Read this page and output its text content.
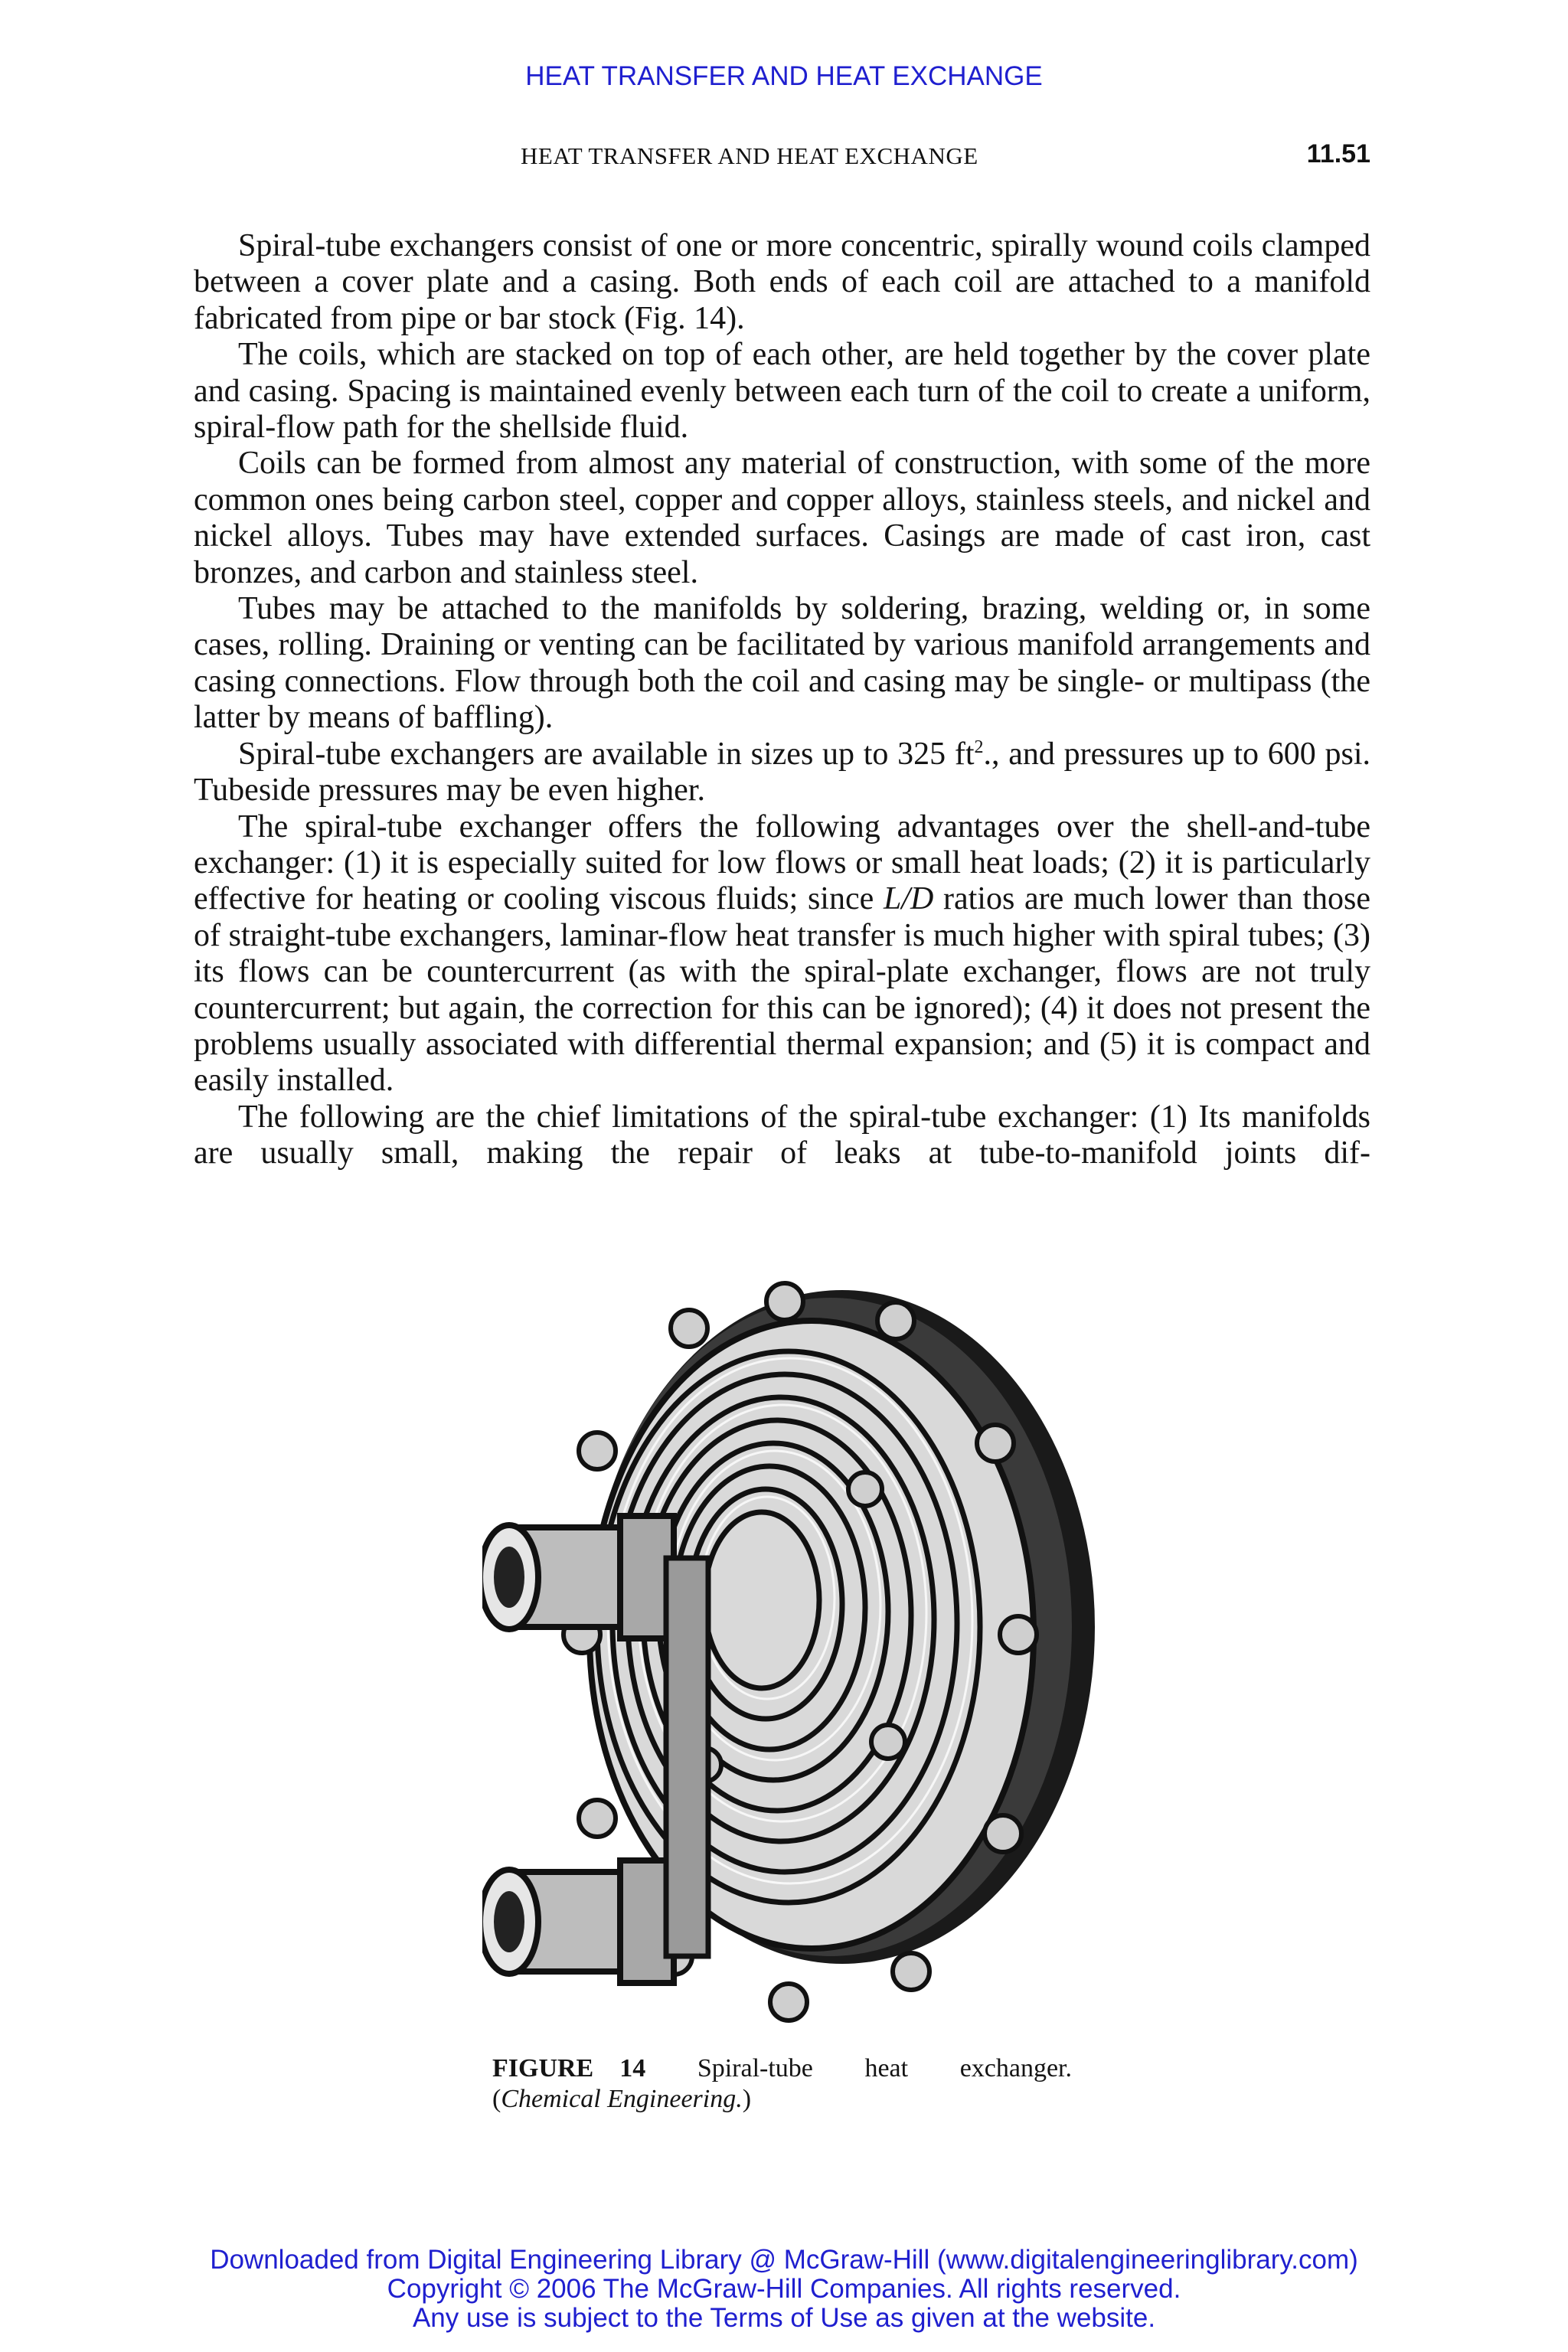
HEAT TRANSFER AND HEAT EXCHANGE
HEAT TRANSFER AND HEAT EXCHANGE	11.51

Spiral-tube exchangers consist of one or more concentric, spirally wound coils clamped between a cover plate and a casing. Both ends of each coil are attached to a manifold fabricated from pipe or bar stock (Fig. 14).

The coils, which are stacked on top of each other, are held together by the cover plate and casing. Spacing is maintained evenly between each turn of the coil to create a uniform, spiral-flow path for the shellside fluid.

Coils can be formed from almost any material of construction, with some of the more common ones being carbon steel, copper and copper alloys, stainless steels, and nickel and nickel alloys. Tubes may have extended surfaces. Casings are made of cast iron, cast bronzes, and carbon and stainless steel.

Tubes may be attached to the manifolds by soldering, brazing, welding or, in some cases, rolling. Draining or venting can be facilitated by various manifold arrangements and casing connections. Flow through both the coil and casing may be single- or multipass (the latter by means of baffling).

Spiral-tube exchangers are available in sizes up to 325 $ft^2$., and pressures up to 600 psi. Tubeside pressures may be even higher.

The spiral-tube exchanger offers the following advantages over the shell-and-tube exchanger: (1) it is especially suited for low flows or small heat loads; (2) it is particularly effective for heating or cooling viscous fluids; since L/D ratios are much lower than those of straight-tube exchangers, laminar-flow heat transfer is much higher with spiral tubes; (3) its flows can be countercurrent (as with the spiral-plate exchanger, flows are not truly countercurrent; but again, the correction for this can be ignored); (4) it does not present the problems usually associated with differential thermal expansion; and (5) it is compact and easily installed.

The following are the chief limitations of the spiral-tube exchanger: (1) Its manifolds are usually small, making the repair of leaks at tube-to-manifold joints dif-

FIGURE 14 Spiral-tube heat exchanger.
(Chemical Engineering.)
Downloaded from Digital Engineering Library @ McGraw-Hill (www.digitalengineeringlibrary.com)
Copyright © 2006 The McGraw-Hill Companies. All rights reserved.
Any use is subject to the Terms of Use as given at the website.
